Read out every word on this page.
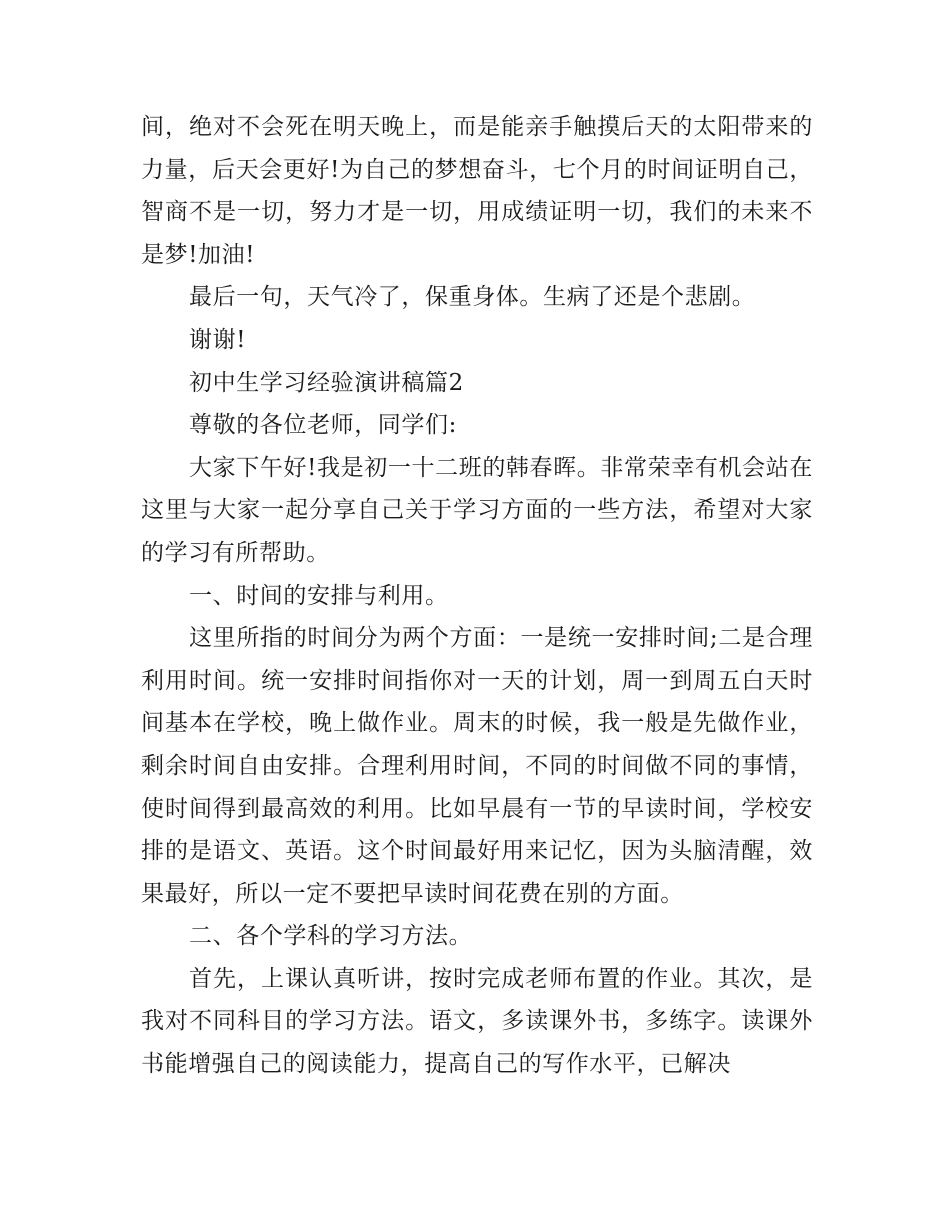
间，绝对不会死在明天晚上，而是能亲手触摸后天的太阳带来的力量，后天会更好!为自己的梦想奋斗，七个月的时间证明自己，智商不是一切，努力才是一切，用成绩证明一切，我们的未来不是梦!加油!

最后一句，天气冷了，保重身体。生病了还是个悲剧。

谢谢!

初中生学习经验演讲稿篇2

尊敬的各位老师，同学们:

大家下午好!我是初一十二班的韩春晖。非常荣幸有机会站在这里与大家一起分享自己关于学习方面的一些方法，希望对大家的学习有所帮助。

一、时间的安排与利用。

这里所指的时间分为两个方面：一是统一安排时间;二是合理利用时间。统一安排时间指你对一天的计划，周一到周五白天时间基本在学校，晚上做作业。周末的时候，我一般是先做作业，剩余时间自由安排。合理利用时间，不同的时间做不同的事情，使时间得到最高效的利用。比如早晨有一节的早读时间，学校安排的是语文、英语。这个时间最好用来记忆，因为头脑清醒，效果最好，所以一定不要把早读时间花费在别的方面。

二、各个学科的学习方法。

首先，上课认真听讲，按时完成老师布置的作业。其次，是我对不同科目的学习方法。语文，多读课外书，多练字。读课外书能增强自己的阅读能力，提高自己的写作水平，已解决
